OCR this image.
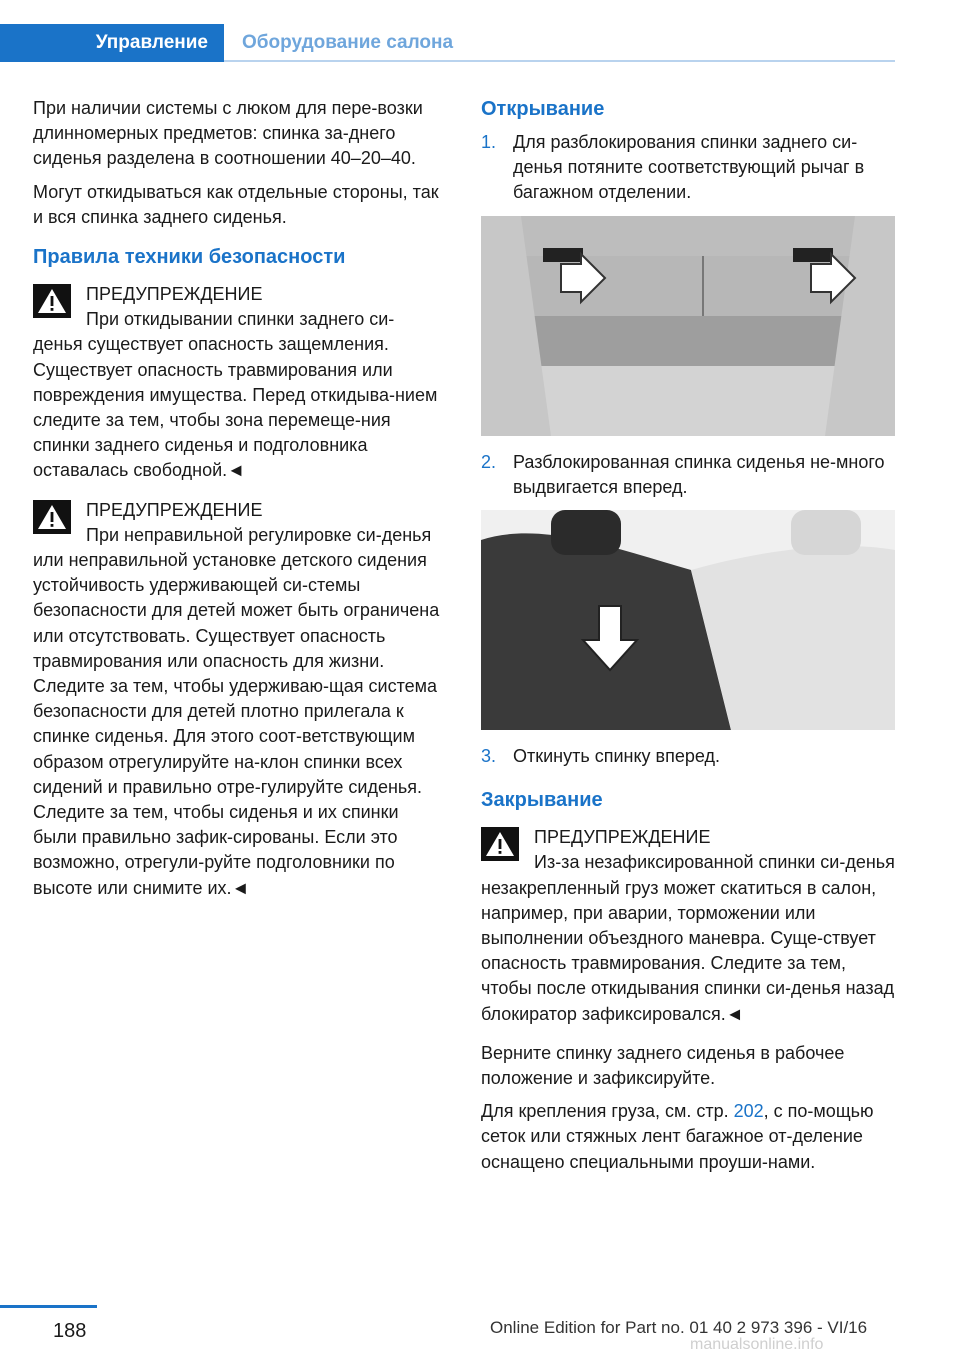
Управление	Оборудование салона

При наличии системы с люком для пере-возки длинномерных предметов: спинка за-днего сиденья разделена в соотношении 40–20–40.

Могут откидываться как отдельные стороны, так и вся спинка заднего сиденья.

Правила техники безопасности
ПРЕДУПРЕЖДЕНИЕ
При откидывании спинки заднего си-денья существует опасность защемления. Существует опасность травмирования или повреждения имущества. Перед откидыва-нием следите за тем, чтобы зона перемеще-ния спинки заднего сиденья и подголовника оставалась свободной.◄
ПРЕДУПРЕЖДЕНИЕ
При неправильной регулировке си-денья или неправильной установке детского сидения устойчивость удерживающей си-стемы безопасности для детей может быть ограничена или отсутствовать. Существует опасность травмирования или опасность для жизни. Следите за тем, чтобы удерживаю-щая система безопасности для детей плотно прилегала к спинке сиденья. Для этого соот-ветствующим образом отрегулируйте на-клон спинки всех сидений и правильно отре-гулируйте сиденья. Следите за тем, чтобы сиденья и их спинки были правильно зафик-сированы. Если это возможно, отрегули-руйте подголовники по высоте или снимите их.◄
Открывание
1. Для разблокирования спинки заднего си-денья потяните соответствующий рычаг в багажном отделении.
2. Разблокированная спинка сиденья не-много выдвигается вперед.
3. Откинуть спинку вперед.
Закрывание
ПРЕДУПРЕЖДЕНИЕ
Из-за незафиксированной спинки си-денья незакрепленный груз может скатиться в салон, например, при аварии, торможении или выполнении объездного маневра. Суще-ствует опасность травмирования. Следите за тем, чтобы после откидывания спинки си-денья назад блокиратор зафиксировался.◄

Верните спинку заднего сиденья в рабочее положение и зафиксируйте.

Для крепления груза, см. стр. 202, с по-мощью сеток или стяжных лент багажное от-деление оснащено специальными проуши-нами.

188	Online Edition for Part no. 01 40 2 973 396 - VI/16
manualsonline.info
